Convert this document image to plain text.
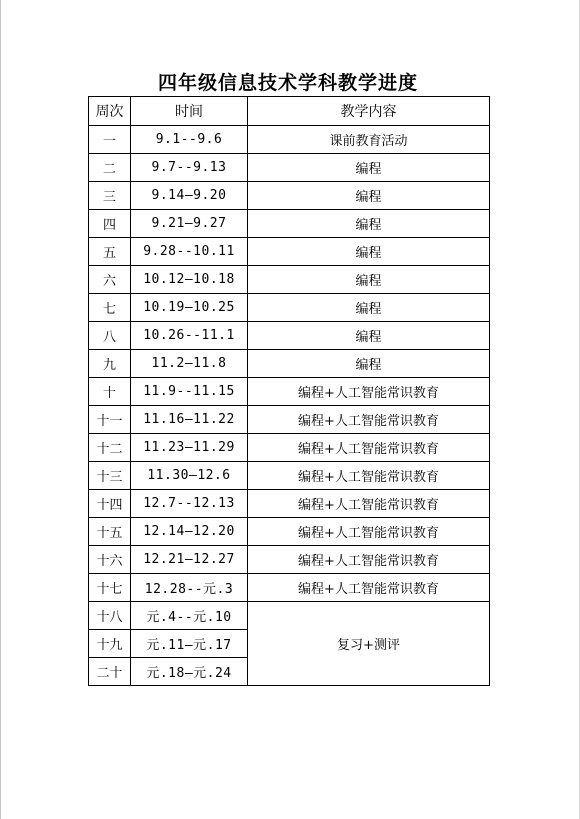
四年级信息技术学科教学进度
周次	时间	教学内容
一	9.1--9.6	课前教育活动
二	9.7--9.13	编程
三	9.14—9.20	编程
四	9.21—9.27	编程
五	9.28--10.11	编程
六	10.12—10.18	编程
七	10.19—10.25	编程
八	10.26--11.1	编程
九	11.2—11.8	编程
十	11.9--11.15	编程+人工智能常识教育
十一	11.16—11.22	编程+人工智能常识教育
十二	11.23—11.29	编程+人工智能常识教育
十三	11.30—12.6	编程+人工智能常识教育
十四	12.7--12.13	编程+人工智能常识教育
十五	12.14—12.20	编程+人工智能常识教育
十六	12.21—12.27	编程+人工智能常识教育
十七	12.28--元.3	编程+人工智能常识教育
十八	元.4--元.10	复习+测评
十九	元.11—元.17	
二十	元.18—元.24	
